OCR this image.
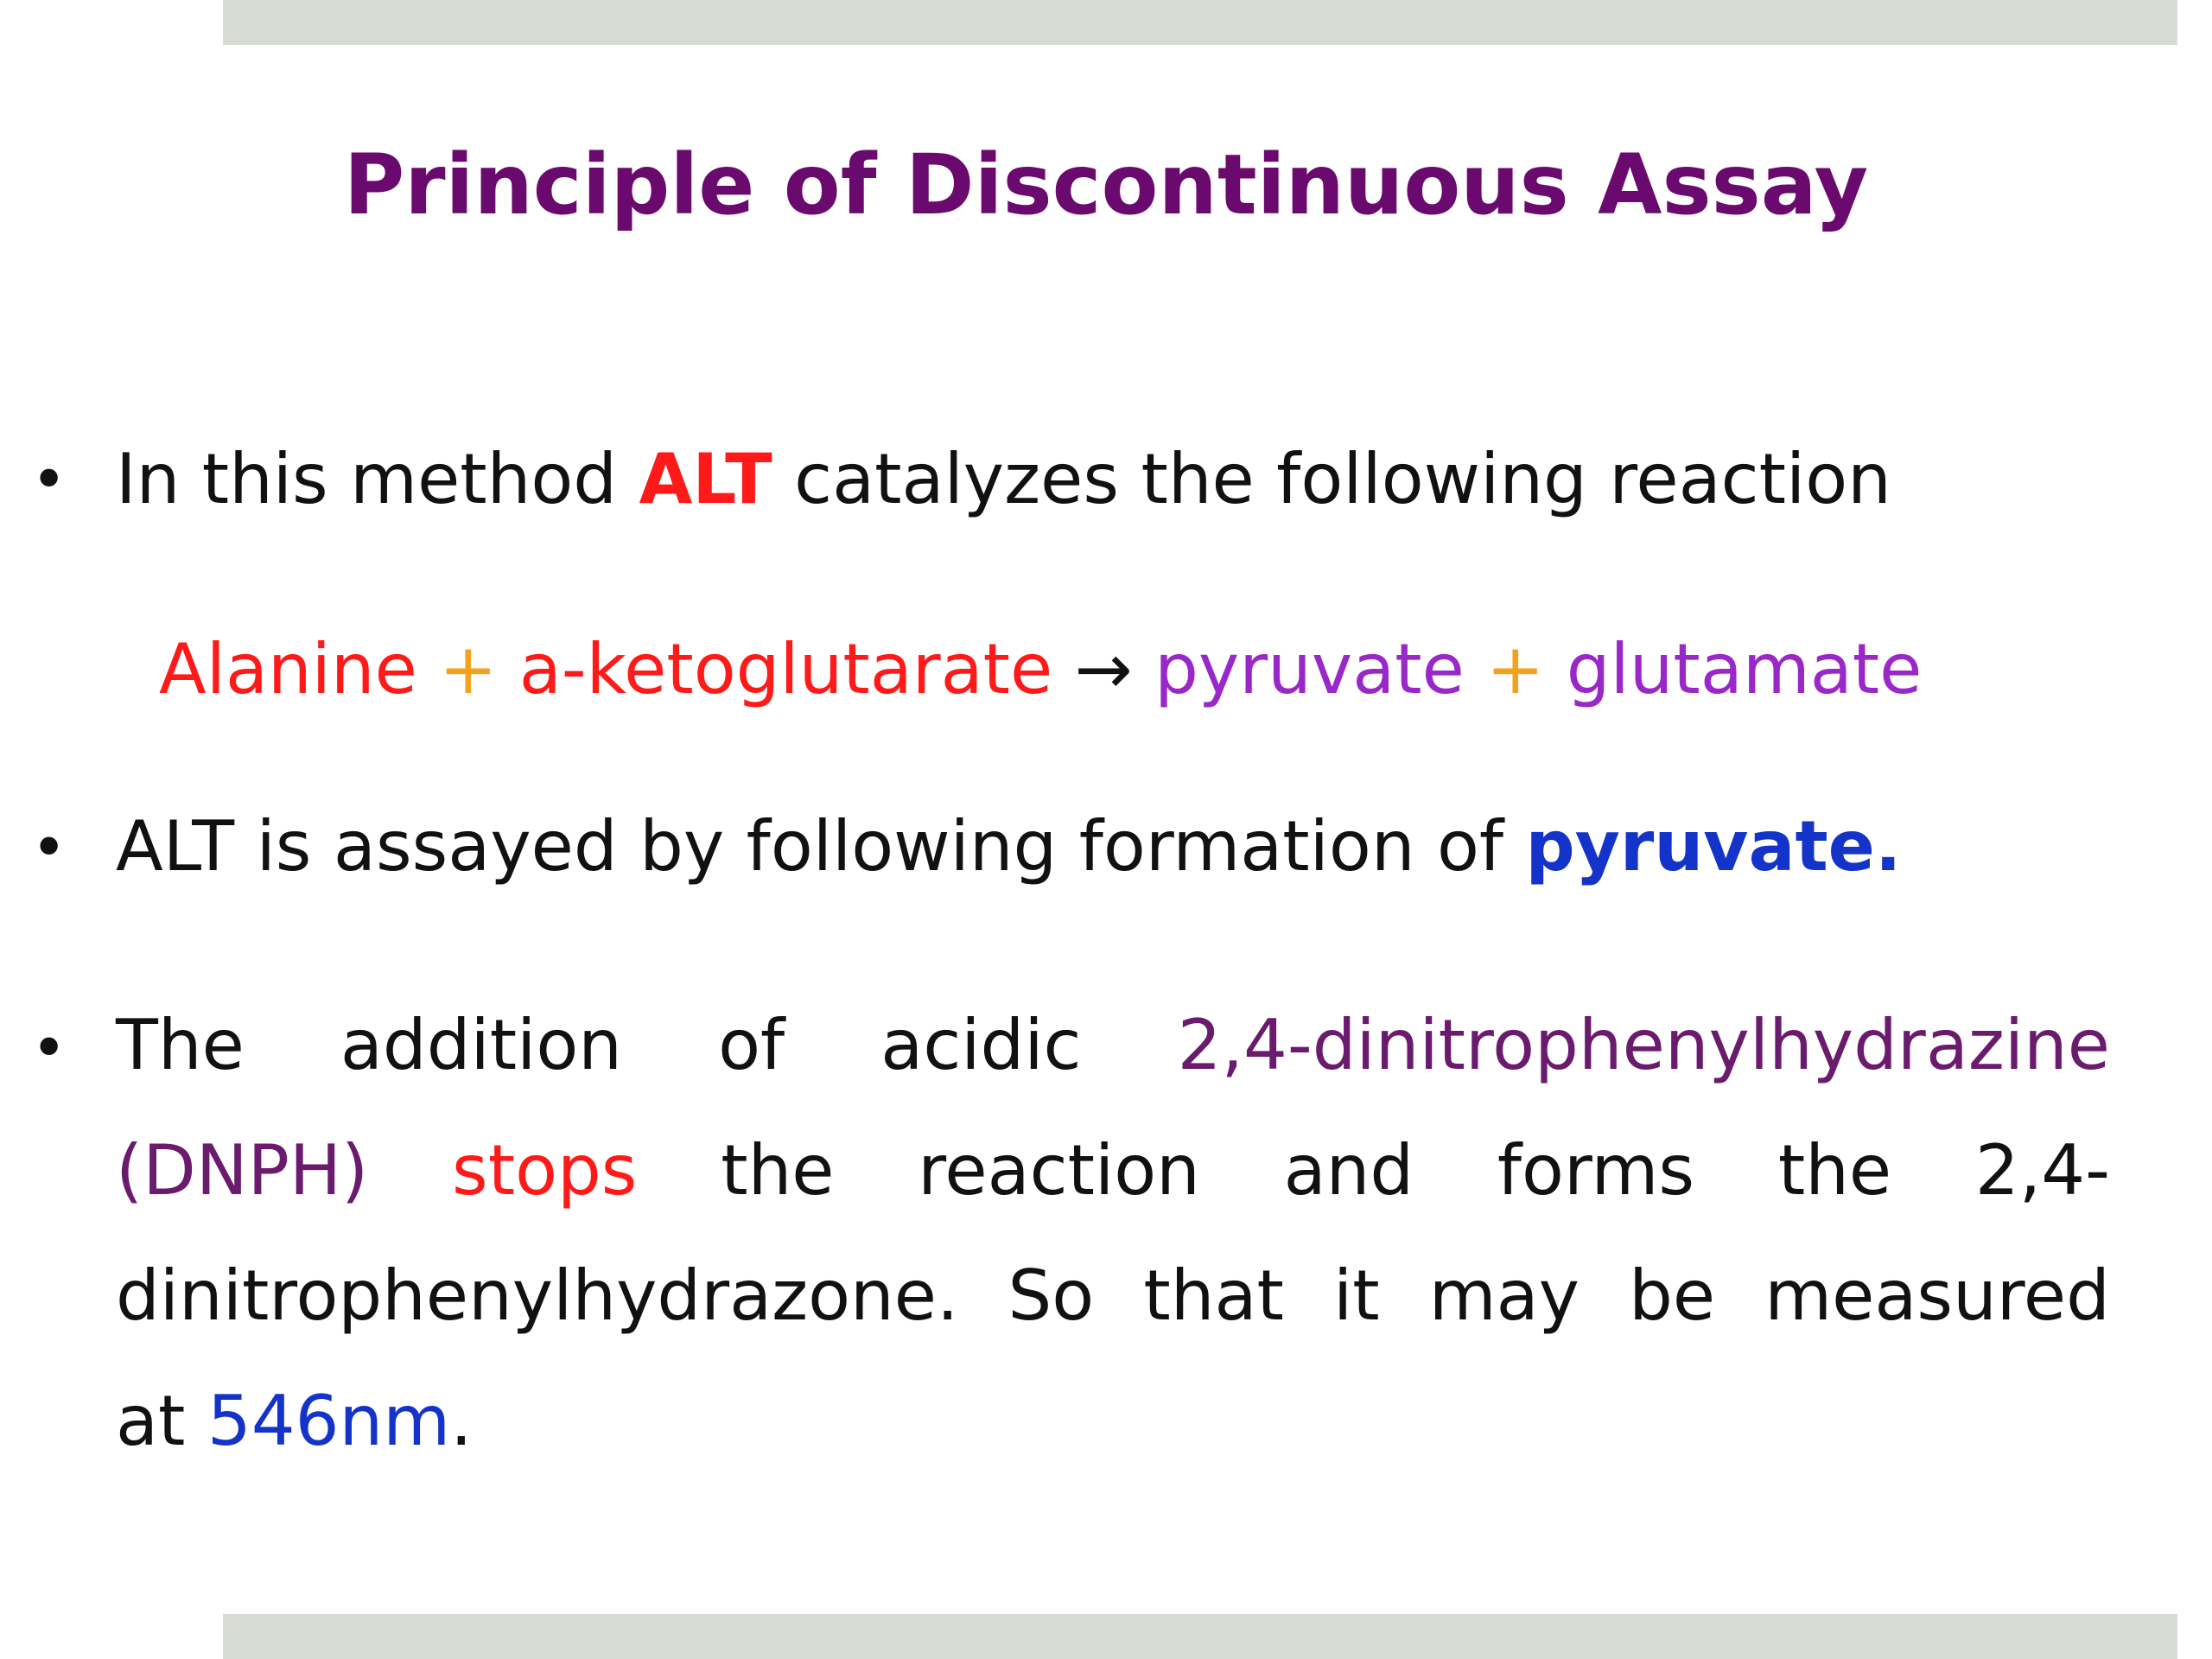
Principle of Discontinuous Assay
• In this method ALT catalyzes the following reaction
Alanine + a-ketoglutarate → pyruvate + glutamate
• ALT is assayed by following formation of pyruvate.
• The addition of acidic 2,4-dinitrophenylhydrazine
(DNPH) stops the reaction and forms the 2,4-
dinitrophenylhydrazone. So that it may be measured
at 546nm.
